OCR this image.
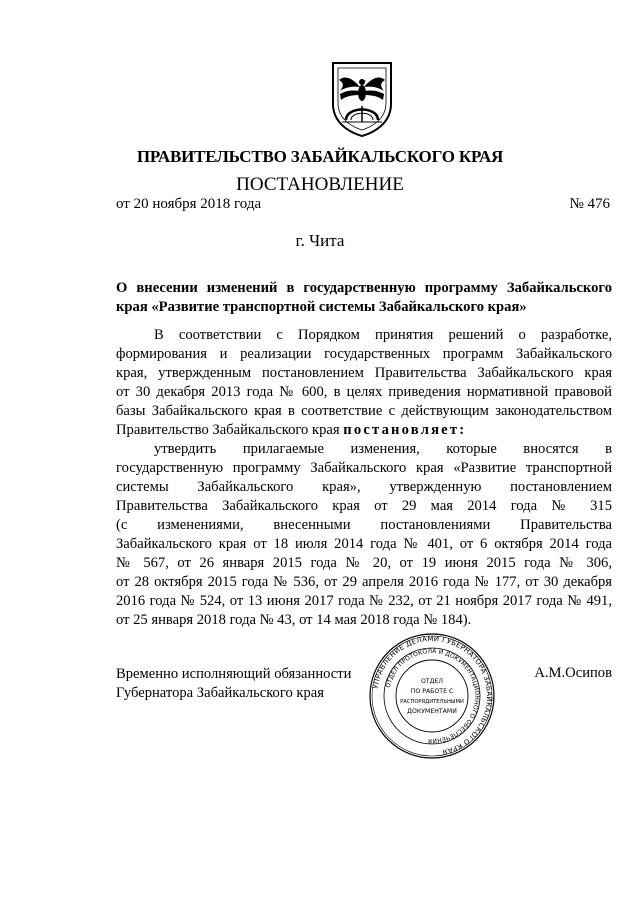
ПРАВИТЕЛЬСТВО ЗАБАЙКАЛЬСКОГО КРАЯ
ПОСТАНОВЛЕНИЕ
от 20 ноября 2018 года	№ 476
г. Чита
О внесении изменений в государственную программу Забайкальского
края «Развитие транспортной системы Забайкальского края»
В соответствии с Порядком принятия решений о разработке,
формирования и реализации государственных программ Забайкальского
края, утвержденным постановлением Правительства Забайкальского края
от 30 декабря 2013 года № 600, в целях приведения нормативной правовой
базы Забайкальского края в соответствие с действующим законодательством
Правительство Забайкальского края постановляет:
утвердить прилагаемые изменения, которые вносятся в
государственную программу Забайкальского края «Развитие транспортной
системы Забайкальского края», утвержденную постановлением
Правительства Забайкальского края от 29 мая 2014 года № 315
(с изменениями, внесенными постановлениями Правительства
Забайкальского края от 18 июля 2014 года № 401, от 6 октября 2014 года
№ 567, от 26 января 2015 года № 20, от 19 июня 2015 года № 306,
от 28 октября 2015 года № 536, от 29 апреля 2016 года № 177, от 30 декабря
2016 года № 524, от 13 июня 2017 года № 232, от 21 ноября 2017 года № 491,
от 25 января 2018 года № 43, от 14 мая 2018 года № 184).
Временно исполняющий обязанности
Губернатора Забайкальского края	УПРАВЛЕНИЕ ДЕЛАМИ ГУБЕРНАТОРА ЗАБАЙКАЛЬСКОГО КРАЯ
ОТДЕЛ ПРОТОКОЛА И ДОКУМЕНТАЦИОННОГО ОБЕСПЕЧЕНИЯ
ОТДЕЛ
ПО РАБОТЕ С
РАСПОРЯДИТЕЛЬНЫМИ
ДОКУМЕНТАМИ
А.М.Осипов
